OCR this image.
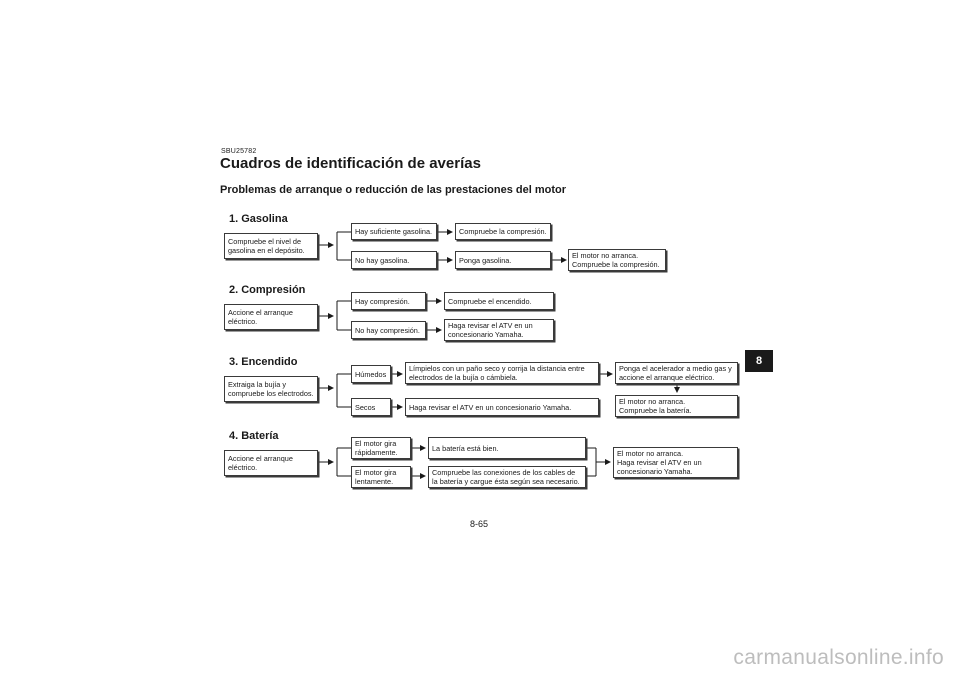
SBU25782
Cuadros de identificación de averías
Problemas de arranque o reducción de las prestaciones del motor
1. Gasolina
Compruebe el nivel de
gasolina en el depósito.
Hay suficiente gasolina.	Compruebe la compresión.
No hay gasolina.	Ponga gasolina.	El motor no arranca.
Compruebe la compresión.
2. Compresión
Accione el arranque
eléctrico.
Hay compresión.	Compruebe el encendido.
No hay compresión.	Haga revisar el ATV en un
concesionario Yamaha.
3. Encendido
Extraiga la bujía y
compruebe los electrodos.
Húmedos
Límpielos con un paño seco y corrija la distancia entre
electrodos de la bujía o cámbiela.
Ponga el acelerador a medio gas y
accione el arranque eléctrico.
El motor no arranca.
Compruebe la batería.
Secos	Haga revisar el ATV en un concesionario Yamaha.
4. Batería
Accione el arranque
eléctrico.
El motor gira
rápidamente.	La batería está bien.
El motor gira
lentamente.
Compruebe las conexiones de los cables de
la batería y cargue ésta según sea necesario.
El motor no arranca.
Haga revisar el ATV en un
concesionario Yamaha.
8
8-65
carmanualsonline.info
